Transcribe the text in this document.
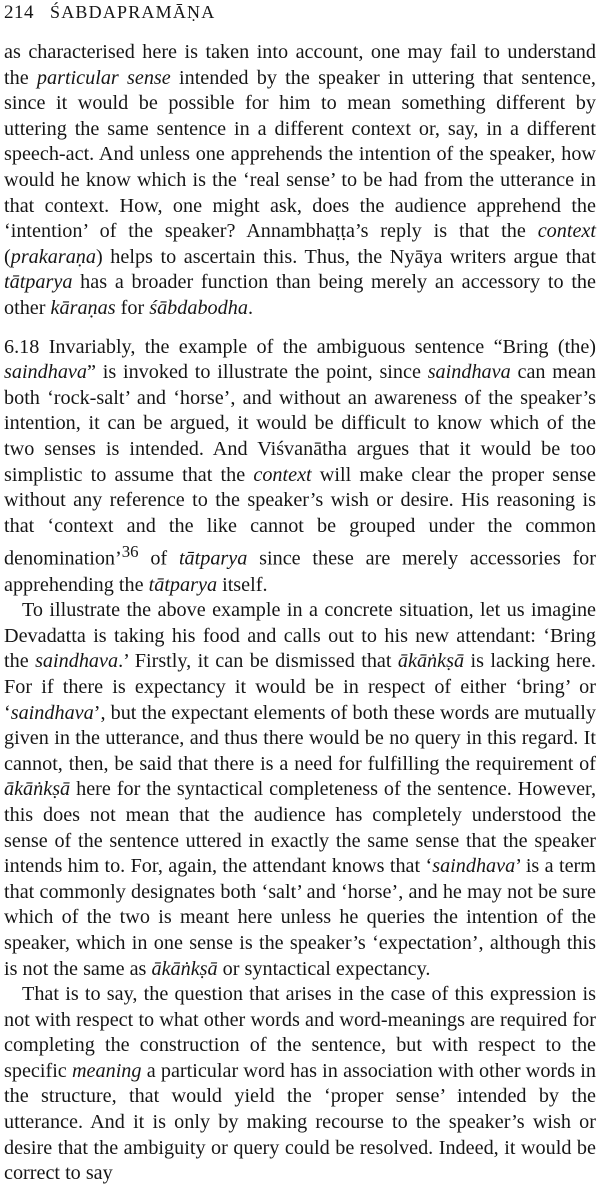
214 ŚABDAPRAMĀṆA

as characterised here is taken into account, one may fail to understand the particular sense intended by the speaker in uttering that sentence, since it would be possible for him to mean something different by uttering the same sentence in a different context or, say, in a different speech-act. And unless one apprehends the intention of the speaker, how would he know which is the ‘real sense’ to be had from the utterance in that context. How, one might ask, does the audience apprehend the ‘intention’ of the speaker? Annambhaṭṭa’s reply is that the context (prakaraṇa) helps to ascertain this. Thus, the Nyāya writers argue that tātparya has a broader function than being merely an accessory to the other kāraṇas for śābdabodha.

6.18 Invariably, the example of the ambiguous sentence “Bring (the) saindhava” is invoked to illustrate the point, since saindhava can mean both ‘rock-salt’ and ‘horse’, and without an awareness of the speaker’s intention, it can be argued, it would be difficult to know which of the two senses is intended. And Viśvanātha argues that it would be too simplistic to assume that the context will make clear the proper sense without any reference to the speaker’s wish or desire. His reasoning is that ‘context and the like cannot be grouped under the common denomination’$^{36}$ of tātparya since these are merely accessories for apprehending the tātparya itself.

To illustrate the above example in a concrete situation, let us imagine Devadatta is taking his food and calls out to his new attendant: ‘Bring the saindhava.’ Firstly, it can be dismissed that ākāṅkṣā is lacking here. For if there is expectancy it would be in respect of either ‘bring’ or ‘saindhava’, but the expectant elements of both these words are mutually given in the utterance, and thus there would be no query in this regard. It cannot, then, be said that there is a need for fulfilling the requirement of ākāṅkṣā here for the syntactical completeness of the sentence. However, this does not mean that the audience has completely understood the sense of the sentence uttered in exactly the same sense that the speaker intends him to. For, again, the attendant knows that ‘saindhava’ is a term that commonly designates both ‘salt’ and ‘horse’, and he may not be sure which of the two is meant here unless he queries the intention of the speaker, which in one sense is the speaker’s ‘expectation’, although this is not the same as ākāṅkṣā or syntactical expectancy.

That is to say, the question that arises in the case of this expression is not with respect to what other words and word-meanings are required for completing the construction of the sentence, but with respect to the specific meaning a particular word has in association with other words in the structure, that would yield the ‘proper sense’ intended by the utterance. And it is only by making recourse to the speaker’s wish or desire that the ambiguity or query could be resolved. Indeed, it would be correct to say
